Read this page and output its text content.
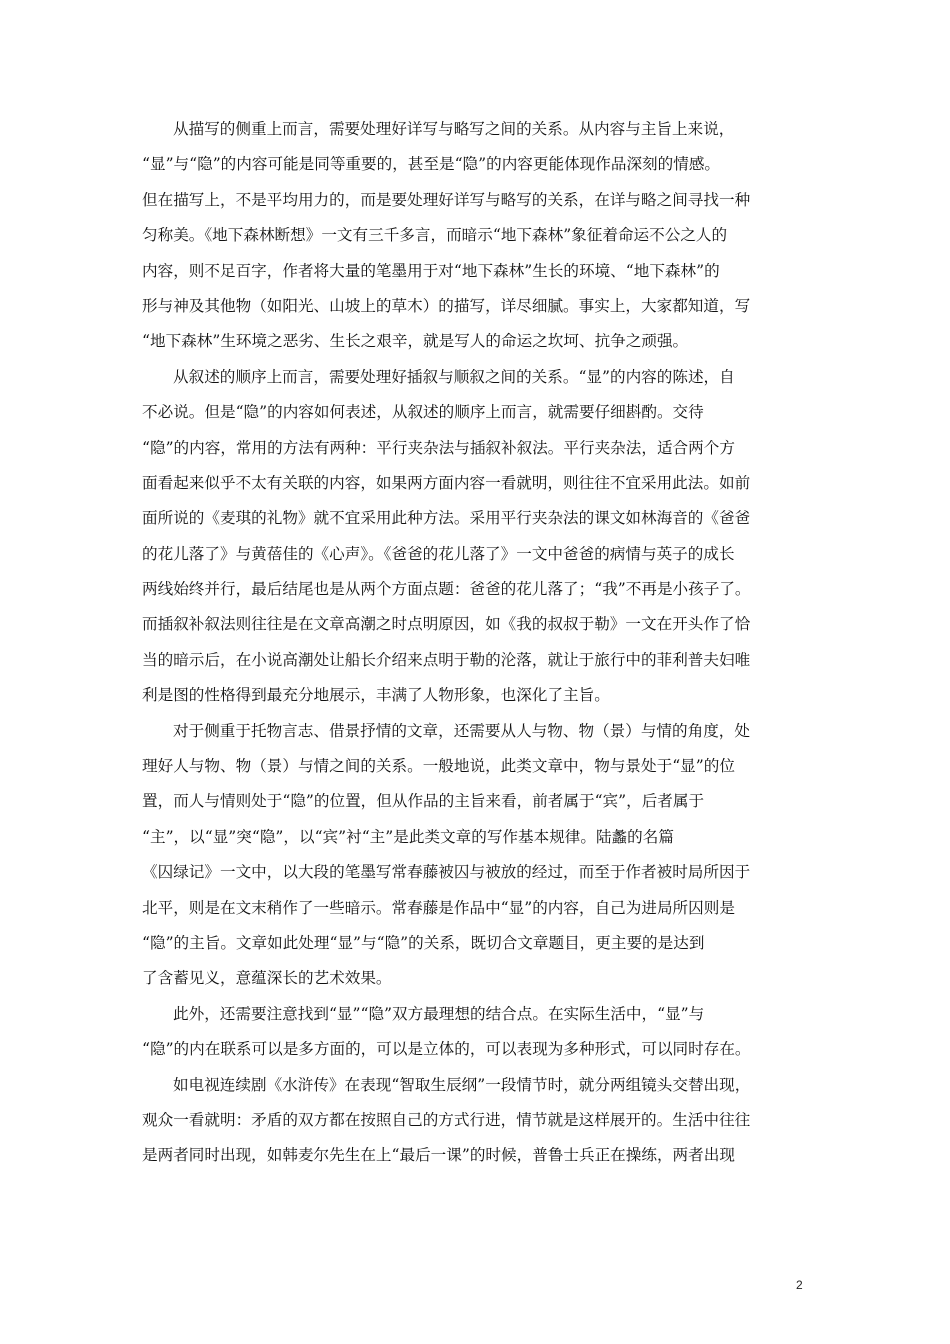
从描写的侧重上而言，需要处理好详写与略写之间的关系。从内容与主旨上来说，

“显”与“隐”的内容可能是同等重要的，甚至是“隐”的内容更能体现作品深刻的情感。

但在描写上，不是平均用力的，而是要处理好详写与略写的关系，在详与略之间寻找一种

匀称美。《地下森林断想》一文有三千多言，而暗示“地下森林”象征着命运不公之人的

内容，则不足百字，作者将大量的笔墨用于对“地下森林”生长的环境、“地下森林”的

形与神及其他物（如阳光、山坡上的草木）的描写，详尽细腻。事实上，大家都知道，写

“地下森林”生环境之恶劣、生长之艰辛，就是写人的命运之坎坷、抗争之顽强。

从叙述的顺序上而言，需要处理好插叙与顺叙之间的关系。“显”的内容的陈述，自

不必说。但是“隐”的内容如何表述，从叙述的顺序上而言，就需要仔细斟酌。交待

“隐”的内容，常用的方法有两种：平行夹杂法与插叙补叙法。平行夹杂法，适合两个方

面看起来似乎不太有关联的内容，如果两方面内容一看就明，则往往不宜采用此法。如前

面所说的《麦琪的礼物》就不宜采用此种方法。采用平行夹杂法的课文如林海音的《爸爸

的花儿落了》与黄蓓佳的《心声》。《爸爸的花儿落了》一文中爸爸的病情与英子的成长

两线始终并行，最后结尾也是从两个方面点题：爸爸的花儿落了；“我”不再是小孩子了。

而插叙补叙法则往往是在文章高潮之时点明原因，如《我的叔叔于勒》一文在开头作了恰

当的暗示后，在小说高潮处让船长介绍来点明于勒的沦落，就让于旅行中的菲利普夫妇唯

利是图的性格得到最充分地展示，丰满了人物形象，也深化了主旨。

对于侧重于托物言志、借景抒情的文章，还需要从人与物、物（景）与情的角度，处

理好人与物、物（景）与情之间的关系。一般地说，此类文章中，物与景处于“显”的位

置，而人与情则处于“隐”的位置，但从作品的主旨来看，前者属于“宾”，后者属于

“主”，以“显”突“隐”，以“宾”衬“主”是此类文章的写作基本规律。陆蠡的名篇

《囚绿记》一文中，以大段的笔墨写常春藤被囚与被放的经过，而至于作者被时局所因于

北平，则是在文末稍作了一些暗示。常春藤是作品中“显”的内容，自己为进局所囚则是

“隐”的主旨。文章如此处理“显”与“隐”的关系，既切合文章题目，更主要的是达到

了含蓄见义，意蕴深长的艺术效果。

此外，还需要注意找到“显”“隐”双方最理想的结合点。在实际生活中，“显”与

“隐”的内在联系可以是多方面的，可以是立体的，可以表现为多种形式，可以同时存在。

如电视连续剧《水浒传》在表现“智取生辰纲”一段情节时，就分两组镜头交替出现，

观众一看就明：矛盾的双方都在按照自己的方式行进，情节就是这样展开的。生活中往往

是两者同时出现，如韩麦尔先生在上“最后一课”的时候，普鲁士兵正在操练，两者出现

2
